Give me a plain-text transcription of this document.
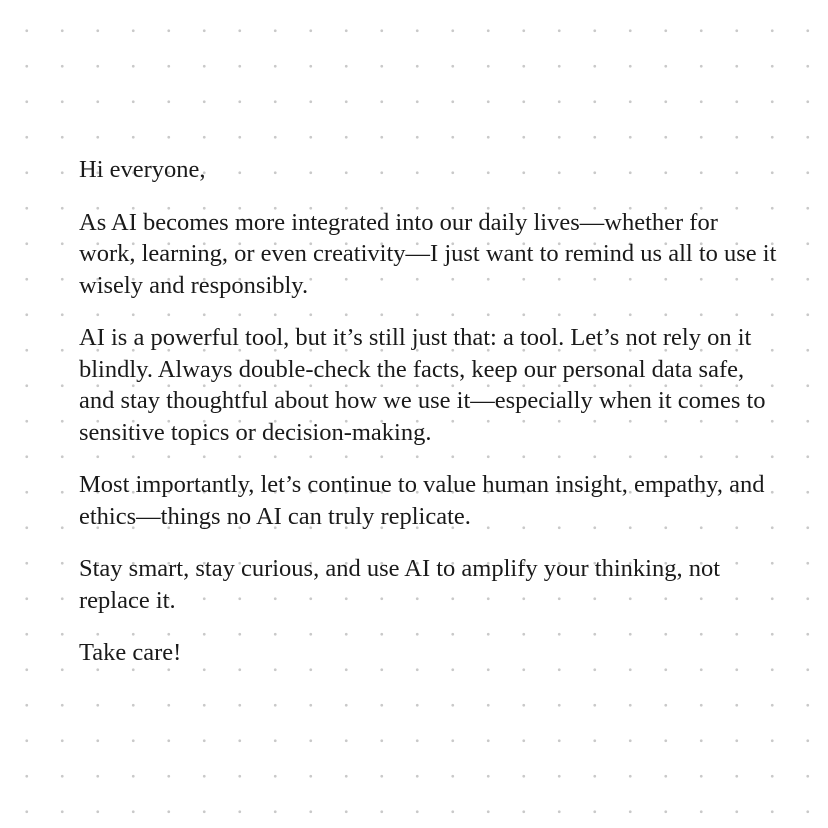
Hi everyone,

As AI becomes more integrated into our daily lives—whether for work, learning, or even creativity—I just want to remind us all to use it wisely and responsibly.

AI is a powerful tool, but it’s still just that: a tool. Let’s not rely on it blindly. Always double-check the facts, keep our personal data safe, and stay thoughtful about how we use it—especially when it comes to sensitive topics or decision-making.

Most importantly, let’s continue to value human insight, empathy, and ethics—things no AI can truly replicate.

Stay smart, stay curious, and use AI to amplify your thinking, not replace it.

Take care!
